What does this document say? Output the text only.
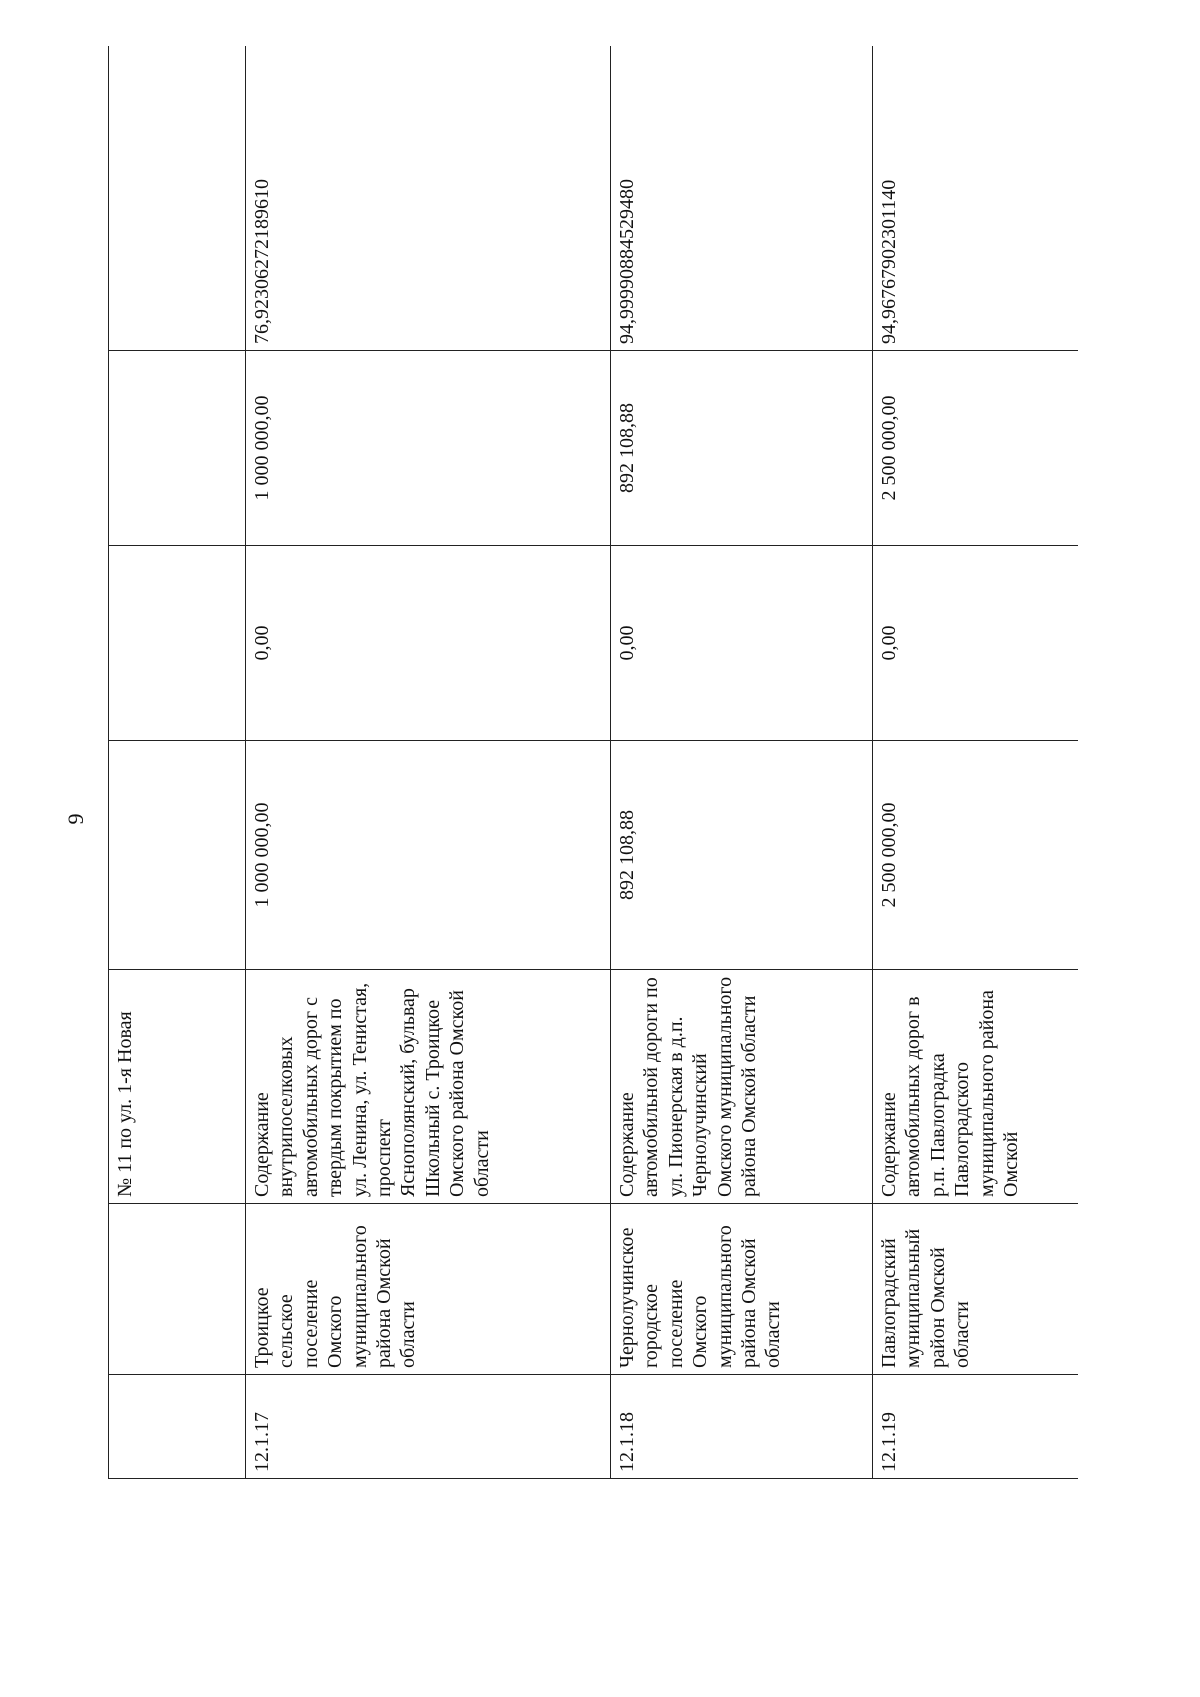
9

		№ 11 по ул. 1-я Новая				

12.1.17	Троицкое сельское поселение Омского муниципального района Омской области	Содержание внутрипоселковых автомобильных дорог с твердым покрытием по ул. Ленина, ул. Тенистая, проспект Яснополянский, бульвар Школьный с. Троицкое Омского района Омской области	1 000 000,00	0,00	1 000 000,00	76,92306272189610

12.1.18	Чернолучинское городское поселение Омского муниципального района Омской области	Содержание автомобильной дороги по ул. Пионерская в д.п. Чернолучинский Омского муниципального района Омской области	892 108,88	0,00	892 108,88	94,99990884529480

12.1.19	Павлоградский муниципальный район Омской области	Содержание автомобильных дорог в р.п. Павлоградка Павлоградского муниципального района Омской	2 500 000,00	0,00	2 500 000,00	94,96767902301140
